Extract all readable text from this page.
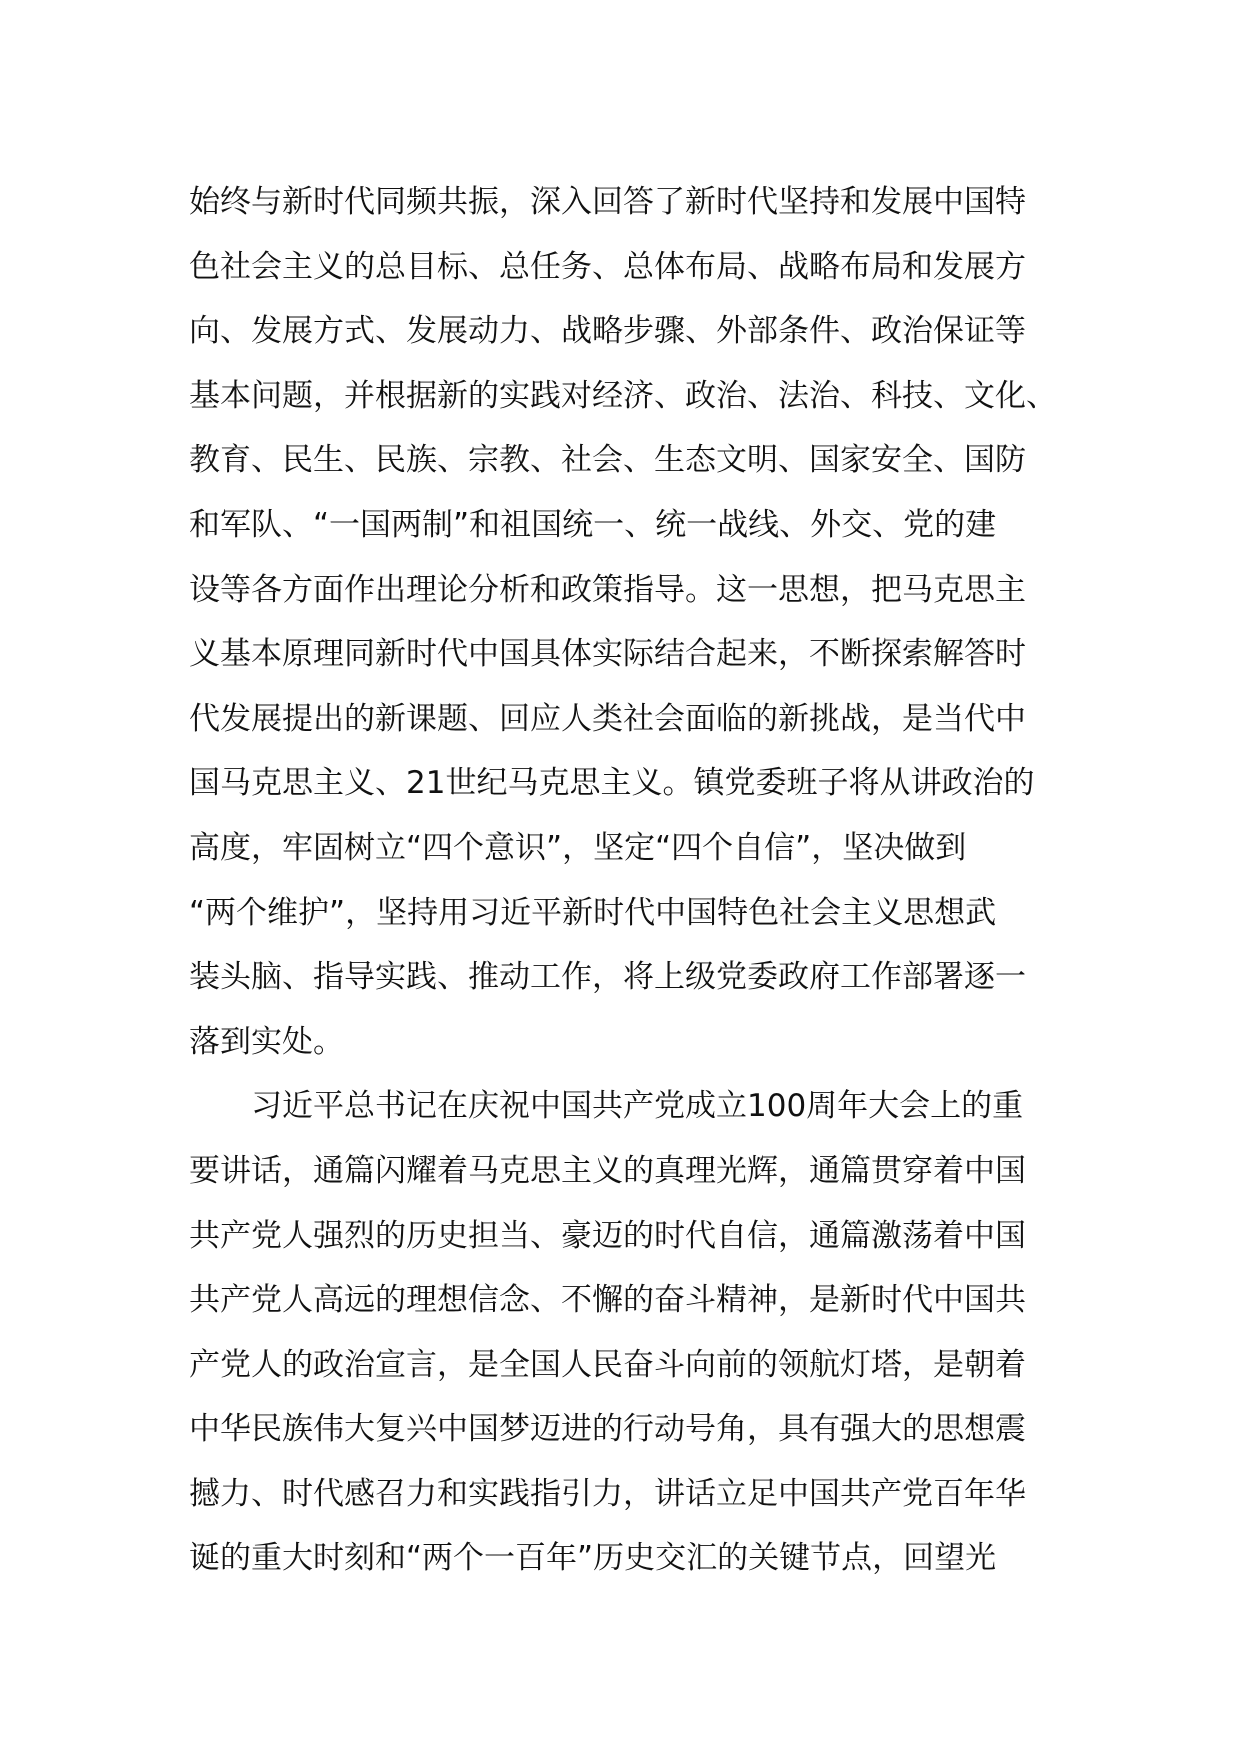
始终与新时代同频共振，深入回答了新时代坚持和发展中国特
色社会主义的总目标、总任务、总体布局、战略布局和发展方
向、发展方式、发展动力、战略步骤、外部条件、政治保证等
基本问题，并根据新的实践对经济、政治、法治、科技、文化、
教育、民生、民族、宗教、社会、生态文明、国家安全、国防
和军队、“一国两制”和祖国统一、统一战线、外交、党的建
设等各方面作出理论分析和政策指导。这一思想，把马克思主
义基本原理同新时代中国具体实际结合起来，不断探索解答时
代发展提出的新课题、回应人类社会面临的新挑战，是当代中
国马克思主义、21世纪马克思主义。镇党委班子将从讲政治的
高度，牢固树立“四个意识”，坚定“四个自信”，坚决做到
“两个维护”，坚持用习近平新时代中国特色社会主义思想武
装头脑、指导实践、推动工作，将上级党委政府工作部署逐一
落到实处。
习近平总书记在庆祝中国共产党成立100周年大会上的重
要讲话，通篇闪耀着马克思主义的真理光辉，通篇贯穿着中国
共产党人强烈的历史担当、豪迈的时代自信，通篇激荡着中国
共产党人高远的理想信念、不懈的奋斗精神，是新时代中国共
产党人的政治宣言，是全国人民奋斗向前的领航灯塔，是朝着
中华民族伟大复兴中国梦迈进的行动号角，具有强大的思想震
撼力、时代感召力和实践指引力，讲话立足中国共产党百年华
诞的重大时刻和“两个一百年”历史交汇的关键节点，回望光
